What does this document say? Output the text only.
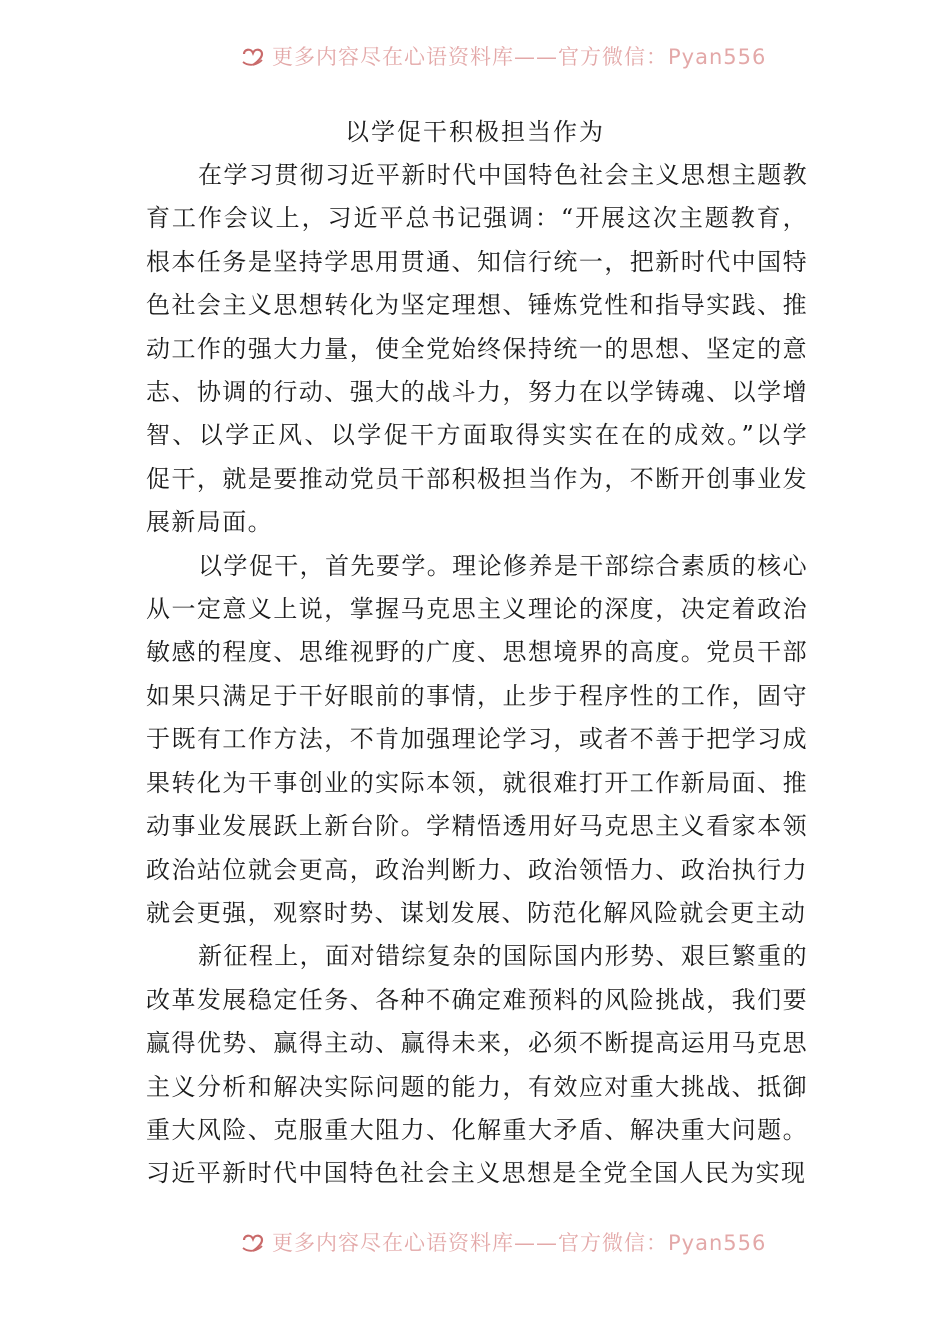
更多内容尽在心语资料库——官方微信：Pyan556
以学促干积极担当作为

在学习贯彻习近平新时代中国特色社会主义思想主题教育工作会议上，习近平总书记强调：“开展这次主题教育，根本任务是坚持学思用贯通、知信行统一，把新时代中国特色社会主义思想转化为坚定理想、锤炼党性和指导实践、推动工作的强大力量，使全党始终保持统一的思想、坚定的意志、协调的行动、强大的战斗力，努力在以学铸魂、以学增智、以学正风、以学促干方面取得实实在在的成效。”以学促干，就是要推动党员干部积极担当作为，不断开创事业发展新局面。

以学促干，首先要学。理论修养是干部综合素质的核心从一定意义上说，掌握马克思主义理论的深度，决定着政治敏感的程度、思维视野的广度、思想境界的高度。党员干部如果只满足于干好眼前的事情，止步于程序性的工作，固守于既有工作方法，不肯加强理论学习，或者不善于把学习成果转化为干事创业的实际本领，就很难打开工作新局面、推动事业发展跃上新台阶。学精悟透用好马克思主义看家本领政治站位就会更高，政治判断力、政治领悟力、政治执行力就会更强，观察时势、谋划发展、防范化解风险就会更主动

新征程上，面对错综复杂的国际国内形势、艰巨繁重的改革发展稳定任务、各种不确定难预料的风险挑战，我们要赢得优势、赢得主动、赢得未来，必须不断提高运用马克思主义分析和解决实际问题的能力，有效应对重大挑战、抵御重大风险、克服重大阻力、化解重大矛盾、解决重大问题。习近平新时代中国特色社会主义思想是全党全国人民为实现

更多内容尽在心语资料库——官方微信：Pyan556
